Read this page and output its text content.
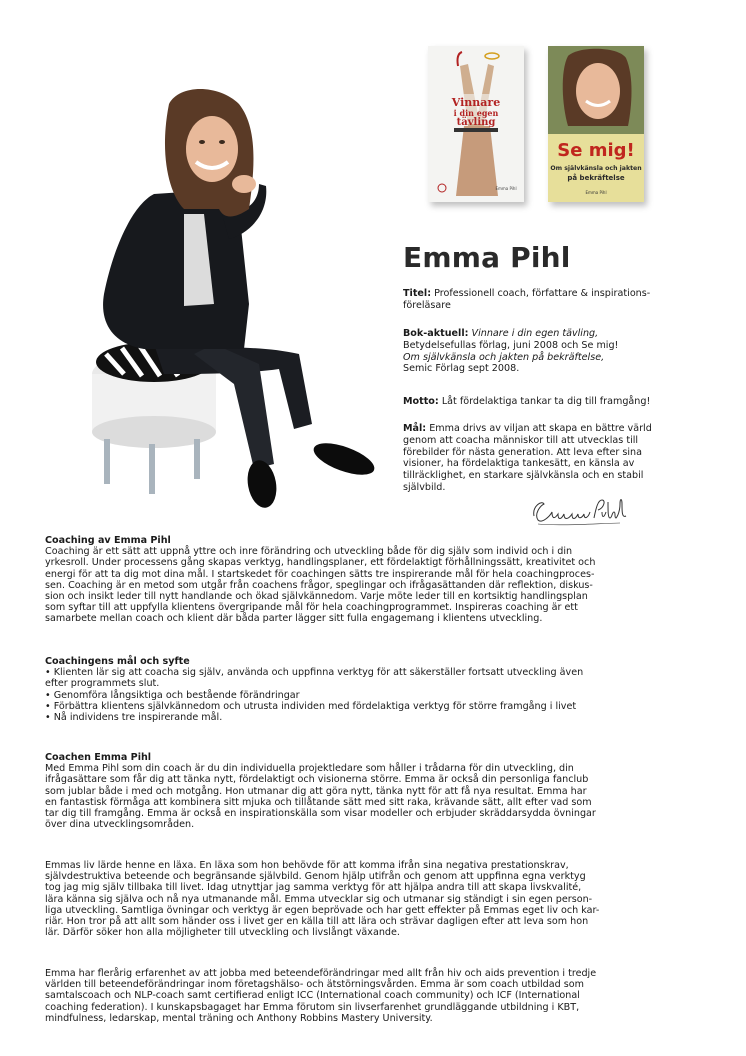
Vinnare
i din egen
tävling
Emma Pihl
Se mig!
Om självkänsla och jakten
på bekräftelse
Emma Pihl
Emma Pihl
Titel: Professionell coach, författare & inspirations-
föreläsare
Bok-aktuell: Vinnare i din egen tävling,
Betydelsefullas förlag, juni 2008 och Se mig!
Om självkänsla och jakten på bekräftelse,
Semic Förlag sept 2008.
Motto: Låt fördelaktiga tankar ta dig till framgång!
Mål: Emma drivs av viljan att skapa en bättre värld
genom att coacha människor till att utvecklas till
förebilder för nästa generation. Att leva efter sina
visioner, ha fördelaktiga tankesätt, en känsla av
tillräcklighet, en starkare självkänsla och en stabil
självbild.
Coaching av Emma Pihl
Coaching är ett sätt att uppnå yttre och inre förändring och utveckling både för dig själv som individ och i din
yrkesroll. Under processens gång skapas verktyg, handlingsplaner, ett fördelaktigt förhållningssätt, kreativitet och
energi för att ta dig mot dina mål. I startskedet för coachingen sätts tre inspirerande mål för hela coachingproces-
sen. Coaching är en metod som utgår från coachens frågor, speglingar och ifrågasättanden där reflektion, diskus-
sion och insikt leder till nytt handlande och ökad självkännedom. Varje möte leder till en kortsiktig handlingsplan
som syftar till att uppfylla klientens övergripande mål för hela coachingprogrammet. Inspireras coaching är ett
samarbete mellan coach och klient där båda parter lägger sitt fulla engagemang i klientens utveckling.
Coachingens mål och syfte
• Klienten lär sig att coacha sig själv, använda och uppfinna verktyg för att säkerställer fortsatt utveckling även
efter programmets slut.
• Genomföra långsiktiga och bestående förändringar
• Förbättra klientens självkännedom och utrusta individen med fördelaktiga verktyg för större framgång i livet
• Nå individens tre inspirerande mål.
Coachen Emma Pihl
Med Emma Pihl som din coach är du din individuella projektledare som håller i trådarna för din utveckling, din
ifrågasättare som får dig att tänka nytt, fördelaktigt och visionerna större. Emma är också din personliga fanclub
som jublar både i med och motgång. Hon utmanar dig att göra nytt, tänka nytt för att få nya resultat. Emma har
en fantastisk förmåga att kombinera sitt mjuka och tillåtande sätt med sitt raka, krävande sätt, allt efter vad som
tar dig till framgång. Emma är också en inspirationskälla som visar modeller och erbjuder skräddarsydda övningar
över dina utvecklingsområden.
Emmas liv lärde henne en läxa. En läxa som hon behövde för att komma ifrån sina negativa prestationskrav,
självdestruktiva beteende och begränsande självbild. Genom hjälp utifrån och genom att uppfinna egna verktyg
tog jag mig själv tillbaka till livet. Idag utnyttjar jag samma verktyg för att hjälpa andra till att skapa livskvalité,
lära känna sig själva och nå nya utmanande mål. Emma utvecklar sig och utmanar sig ständigt i sin egen person-
liga utveckling. Samtliga övningar och verktyg är egen beprövade och har gett effekter på Emmas eget liv och kar-
riär. Hon tror på att allt som händer oss i livet ger en källa till att lära och strävar dagligen efter att leva som hon
lär. Därför söker hon alla möjligheter till utveckling och livslångt växande.
Emma har flerårig erfarenhet av att jobba med beteendeförändringar med allt från hiv och aids prevention i tredje
världen till beteendeförändringar inom företagshälso- och ätstörningsvården. Emma är som coach utbildad som
samtalscoach och NLP-coach samt certifierad enligt ICC (International coach community) och ICF (International
coaching federation). I kunskapsbagaget har Emma förutom sin livserfarenhet grundläggande utbildning i KBT,
mindfulness, ledarskap, mental träning och Anthony Robbins Mastery University.
